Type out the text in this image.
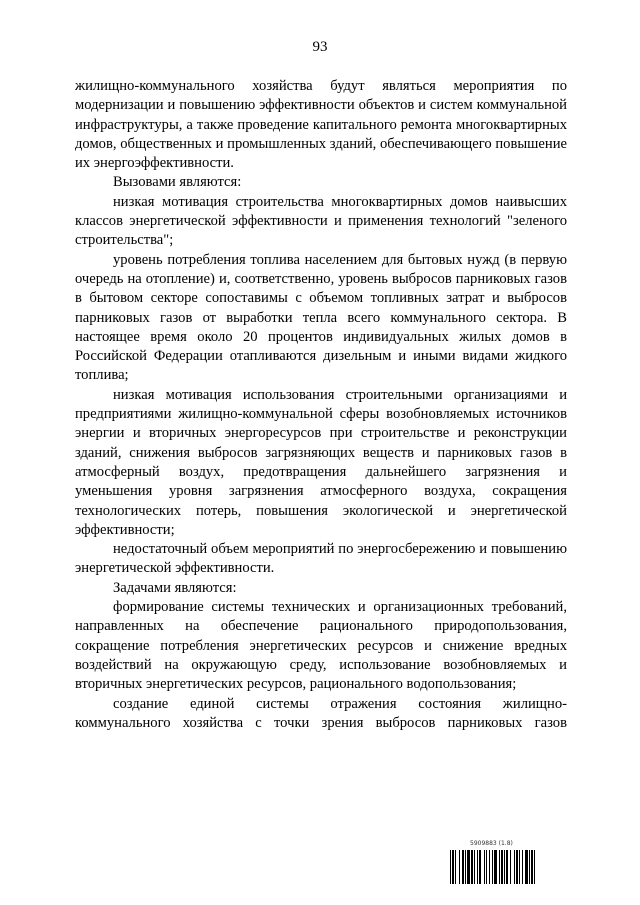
93

жилищно-коммунального хозяйства будут являться мероприятия по модернизации и повышению эффективности объектов и систем коммунальной инфраструктуры, а также проведение капитального ремонта многоквартирных домов, общественных и промышленных зданий, обеспечивающего повышение их энергоэффективности.

Вызовами являются:

низкая мотивация строительства многоквартирных домов наивысших классов энергетической эффективности и применения технологий "зеленого строительства";

уровень потребления топлива населением для бытовых нужд (в первую очередь на отопление) и, соответственно, уровень выбросов парниковых газов в бытовом секторе сопоставимы с объемом топливных затрат и выбросов парниковых газов от выработки тепла всего коммунального сектора. В настоящее время около 20 процентов индивидуальных жилых домов в Российской Федерации отапливаются дизельным и иными видами жидкого топлива;

низкая мотивация использования строительными организациями и предприятиями жилищно-коммунальной сферы возобновляемых источников энергии и вторичных энергоресурсов при строительстве и реконструкции зданий, снижения выбросов загрязняющих веществ и парниковых газов в атмосферный воздух, предотвращения дальнейшего загрязнения и уменьшения уровня загрязнения атмосферного воздуха, сокращения технологических потерь, повышения экологической и энергетической эффективности;

недостаточный объем мероприятий по энергосбережению и повышению энергетической эффективности.

Задачами являются:

формирование системы технических и организационных требований, направленных на обеспечение рационального природопользования, сокращение потребления энергетических ресурсов и снижение вредных воздействий на окружающую среду, использование возобновляемых и вторичных энергетических ресурсов, рационального водопользования;

создание единой системы отражения состояния жилищно-коммунального хозяйства с точки зрения выбросов парниковых газов

5909883 (1.8)
